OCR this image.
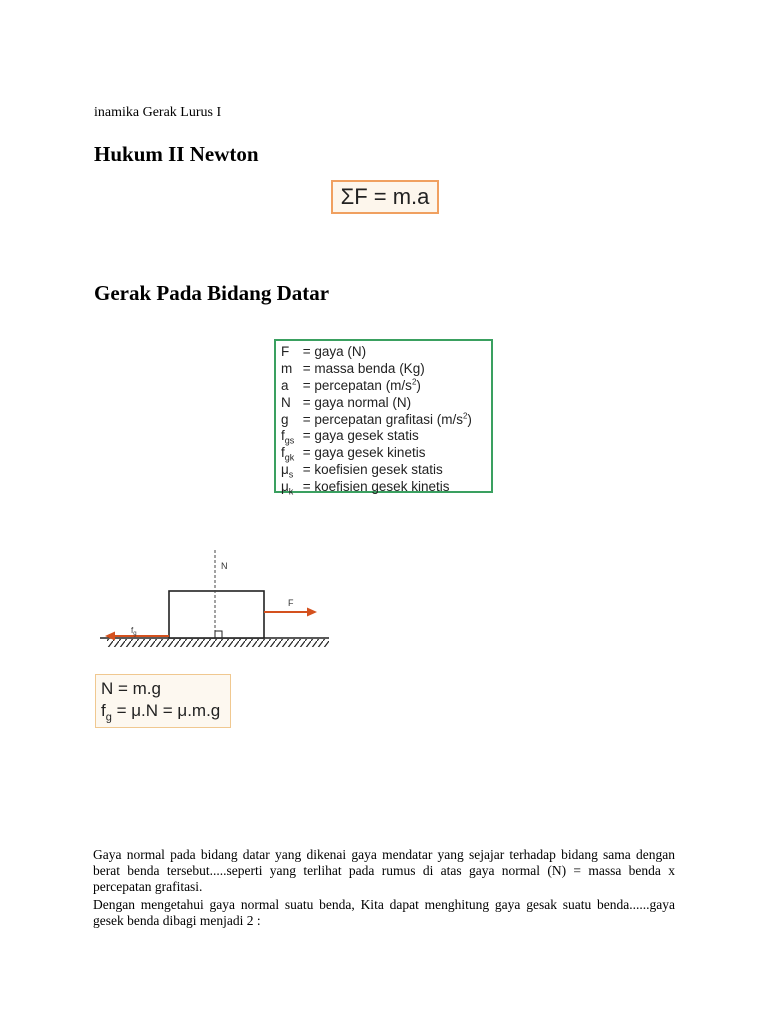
inamika Gerak Lurus I
Hukum II Newton
ΣF = m.a
Gerak Pada Bidang Datar
F = gaya (N)
m = massa benda (Kg)
a = percepatan $(m/s^2)$
N = gaya normal (N)
g = percepatan grafitasi $(m/s^2)$
$f_{gs}$ = gaya gesek statis
$f_{gk}$ = gaya gesek kinetis
$\mu_s$ = koefisien gesek statis
$\mu_k$ = koefisien gesek kinetis
N
F
$f_g$
N = m.g
$f_g = \mu.N = \mu.m.g$
Gaya normal pada bidang datar yang dikenai gaya mendatar yang sejajar terhadap bidang sama dengan berat benda tersebut.....seperti yang terlihat pada rumus di atas gaya normal (N) = massa benda x percepatan grafitasi.
Dengan mengetahui gaya normal suatu benda, Kita dapat menghitung gaya gesak suatu benda......gaya gesek benda dibagi menjadi 2 :
